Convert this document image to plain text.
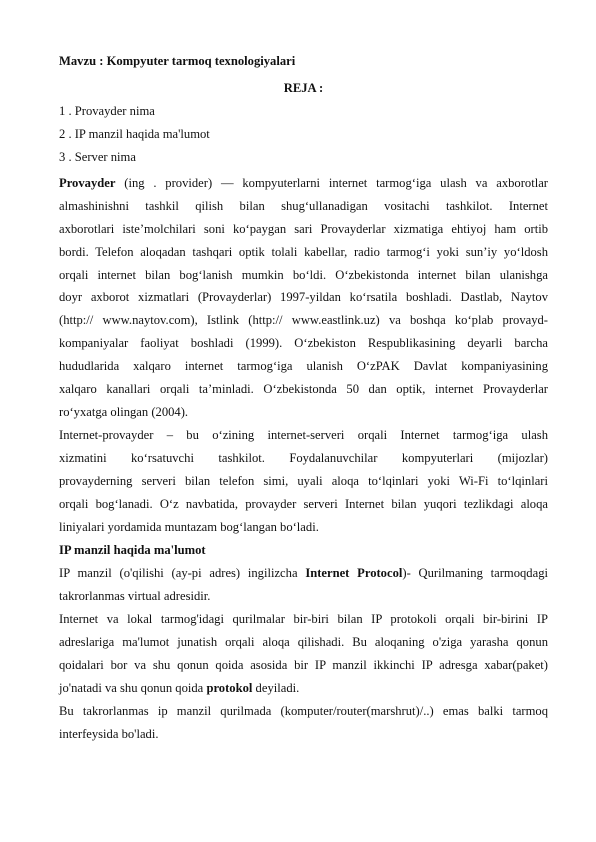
Mavzu : Kompyuter tarmoq texnologiyalari
REJA :
1 . Provayder nima
2 . IP manzil haqida ma'lumot
3 . Server nima
Provayder (ing . provider) — kompyuterlarni internet tarmog‘iga ulash va axborotlar
almashinishni tashkil qilish bilan shug‘ullanadigan vositachi tashkilot. Internet
axborotlari iste’molchilari soni ko‘paygan sari Provayderlar xizmatiga ehtiyoj ham ortib
bordi. Telefon aloqadan tashqari optik tolali kabellar, radio tarmog‘i yoki sun’iy yo‘ldosh
orqali internet bilan bog‘lanish mumkin bo‘ldi. O‘zbekistonda internet bilan ulanishga
doyr axborot xizmatlari (Provayderlar) 1997-yildan ko‘rsatila boshladi. Dastlab, Naytov
(http:// www.naytov.com), Istlink (http:// www.eastlink.uz) va boshqa ko‘plab provayd-
kompaniyalar faoliyat boshladi (1999). O‘zbekiston Respublikasining deyarli barcha
hududlarida xalqaro internet tarmog‘iga ulanish O‘zPAK Davlat kompaniyasining
xalqaro kanallari orqali ta’minladi. O‘zbekistonda 50 dan optik, internet Provayderlar
ro‘yxatga olingan (2004).
Internet-provayder – bu o‘zining internet-serveri orqali Internet tarmog‘iga ulash
xizmatini ko‘rsatuvchi tashkilot. Foydalanuvchilar kompyuterlari (mijozlar)
provayderning serveri bilan telefon simi, uyali aloqa to‘lqinlari yoki Wi-Fi to‘lqinlari
orqali bog‘lanadi. O‘z navbatida, provayder serveri Internet bilan yuqori tezlikdagi aloqa
liniyalari yordamida muntazam bog‘langan bo‘ladi.
IP manzil haqida ma'lumot
IP manzil (o'qilishi (ay-pi adres) ingilizcha Internet Protocol)- Qurilmaning tarmoqdagi
takrorlanmas virtual adresidir.
Internet va lokal tarmog'idagi qurilmalar bir-biri bilan IP protokoli orqali bir-birini IP
adreslariga ma'lumot junatish orqali aloqa qilishadi. Bu aloqaning o'ziga yarasha qonun
qoidalari bor va shu qonun qoida asosida bir IP manzil ikkinchi IP adresga xabar(paket)
jo'natadi va shu qonun qoida protokol deyiladi.
Bu takrorlanmas ip manzil qurilmada (komputer/router(marshrut)/..) emas balki tarmoq
interfeysida bo'ladi.
